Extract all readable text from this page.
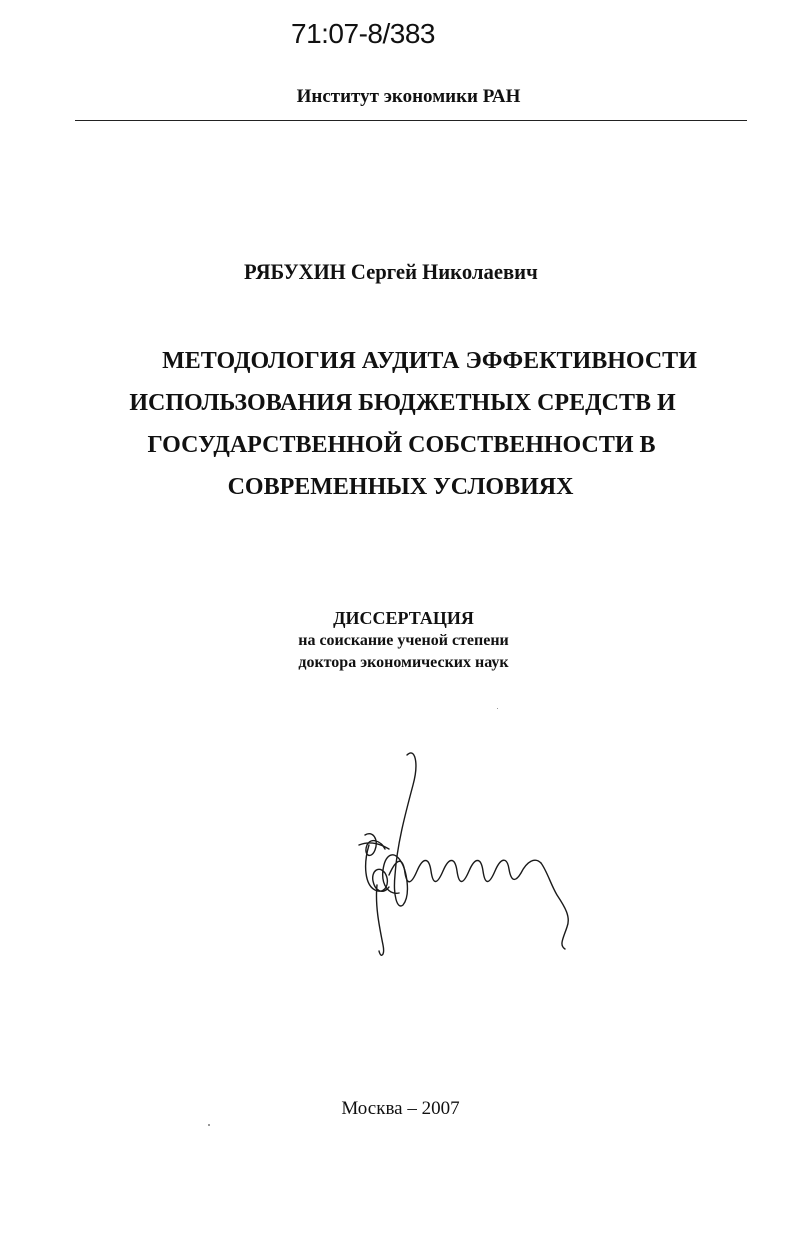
71:07-8/383
Институт экономики РАН
РЯБУХИН Сергей Николаевич
МЕТОДОЛОГИЯ АУДИТА ЭФФЕКТИВНОСТИ
ИСПОЛЬЗОВАНИЯ БЮДЖЕТНЫХ СРЕДСТВ И
ГОСУДАРСТВЕННОЙ СОБСТВЕННОСТИ В
СОВРЕМЕННЫХ УСЛОВИЯХ
ДИССЕРТАЦИЯ
на соискание ученой степени
доктора экономических наук
Москва – 2007
